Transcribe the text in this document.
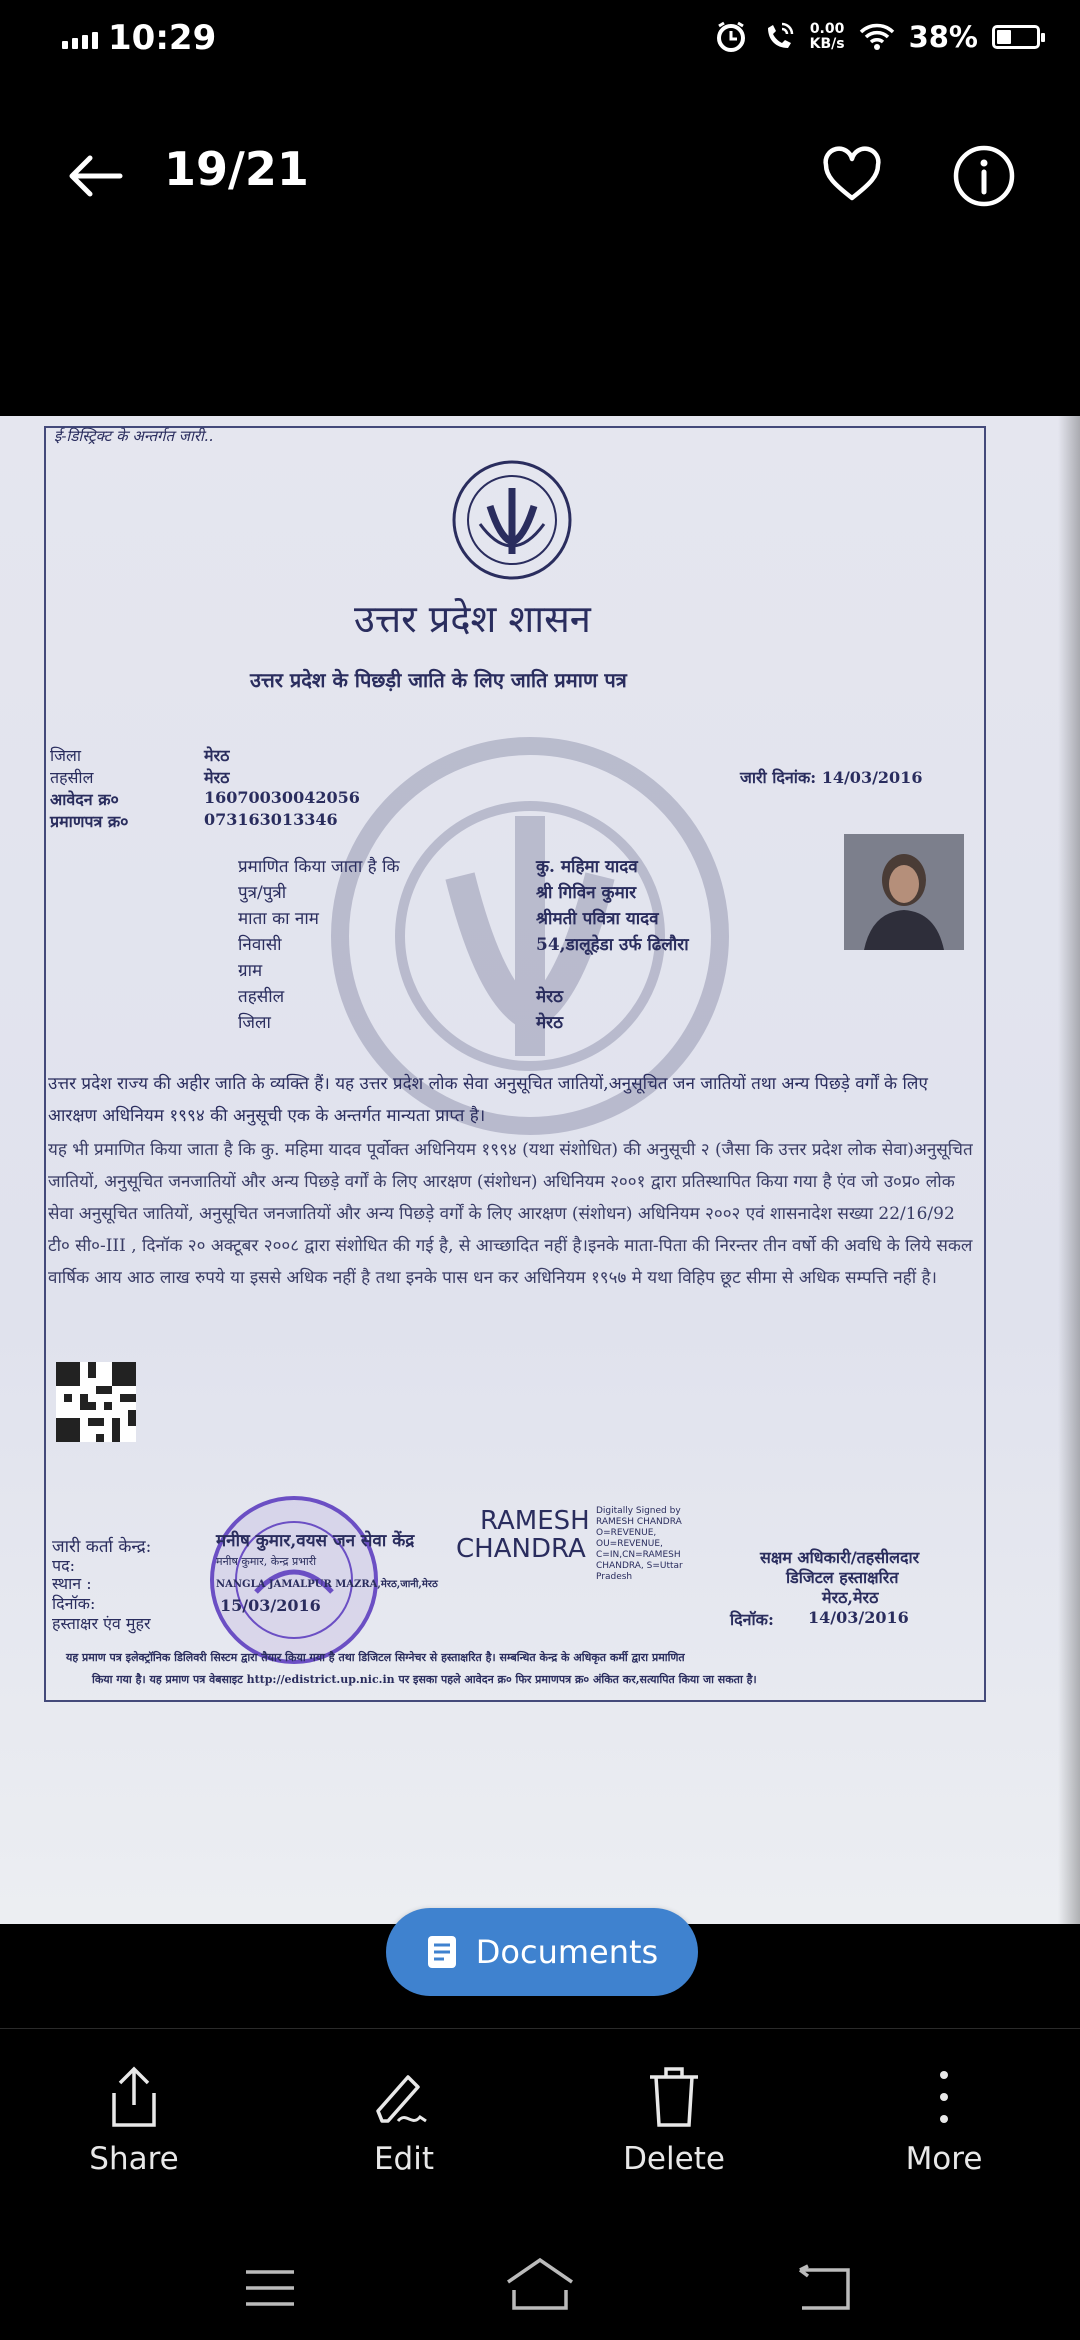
10:29	0.00
KB/s 38%
19/21
ई-डिस्ट्रिक्ट के अन्तर्गत जारी..
उत्तर प्रदेश शासन
उत्तर प्रदेश के पिछड़ी जाति के लिए जाति प्रमाण पत्र
जिला	मेरठ
तहसील	मेरठ
आवेदन क्र०	16070030042056
प्रमाणपत्र क्र०	073163013346
जारी दिनांक: 14/03/2016
प्रमाणित किया जाता है कि	कु. महिमा यादव
पुत्र/पुत्री	श्री गिविन कुमार
माता का नाम	श्रीमती पवित्रा यादव
निवासी	54,डालूहेडा उर्फ ढिलौरा
ग्राम
तहसील	मेरठ
जिला	मेरठ
उत्तर प्रदेश राज्य की अहीर जाति के व्यक्ति हैं। यह उत्तर प्रदेश लोक सेवा अनुसूचित जातियों,अनुसूचित जन जातियों तथा अन्य पिछड़े वर्गों के लिए आरक्षण अधिनियम १९९४ की अनुसूची एक के अन्तर्गत मान्यता प्राप्त है।
यह भी प्रमाणित किया जाता है कि कु. महिमा यादव पूर्वोक्त अधिनियम १९९४ (यथा संशोधित) की अनुसूची २ (जैसा कि उत्तर प्रदेश लोक सेवा)अनुसूचित जातियों, अनुसूचित जनजातियों और अन्य पिछड़े वर्गों के लिए आरक्षण (संशोधन) अधिनियम २००१ द्वारा प्रतिस्थापित किया गया है एंव जो उ०प्र० लोक सेवा अनुसूचित जातियों, अनुसूचित जनजातियों और अन्य पिछड़े वर्गों के लिए आरक्षण (संशोधन) अधिनियम २००२ एवं शासनादेश सख्या 22/16/92 टी० सी०-III , दिनॉक २० अक्टूबर २००८ द्वारा संशोधित की गई है, से आच्छादित नहीं है।इनके माता-पिता की निरन्तर तीन वर्षो की अवधि के लिये सकल वार्षिक आय आठ लाख रुपये या इससे अधिक नहीं है तथा इनके पास धन कर अधिनियम १९५७ मे यथा विहिप छूट सीमा से अधिक सम्पत्ति नहीं है।
जारी कर्ता केन्द्र:	मनीष कुमार,वयस जन सेवा केंद्र
पद:	मनीष कुमार, केन्द्र प्रभारी
स्थान :	NANGLA JAMALPUR MAZRA,मेरठ,जानी,मेरठ
दिनॉक:	15/03/2016
हस्ताक्षर एंव मुहर
RAMESH
CHANDRA
Digitally Signed by
RAMESH CHANDRA
O=REVENUE,
OU=REVENUE,
C=IN,CN=RAMESH
CHANDRA, S=Uttar
Pradesh
सक्षम अधिकारी/तहसीलदार
डिजिटल हस्ताक्षरित
मेरठ,मेरठ
दिनॉक: 14/03/2016
यह प्रमाण पत्र इलेक्ट्रॉनिक डिलिवरी सिस्टम द्वारा तैयार किया गया है तथा डिजिटल सिग्नेचर से हस्ताक्षरित है। सम्बन्धित केन्द्र के अधिकृत कर्मी द्वारा प्रमाणित
किया गया है। यह प्रमाण पत्र वेबसाइट http://edistrict.up.nic.in पर इसका पहले आवेदन क्र० फिर प्रमाणपत्र क्र० अंकित कर,सत्यापित किया जा सकता है।
Documents
Share	Edit	Delete	More
